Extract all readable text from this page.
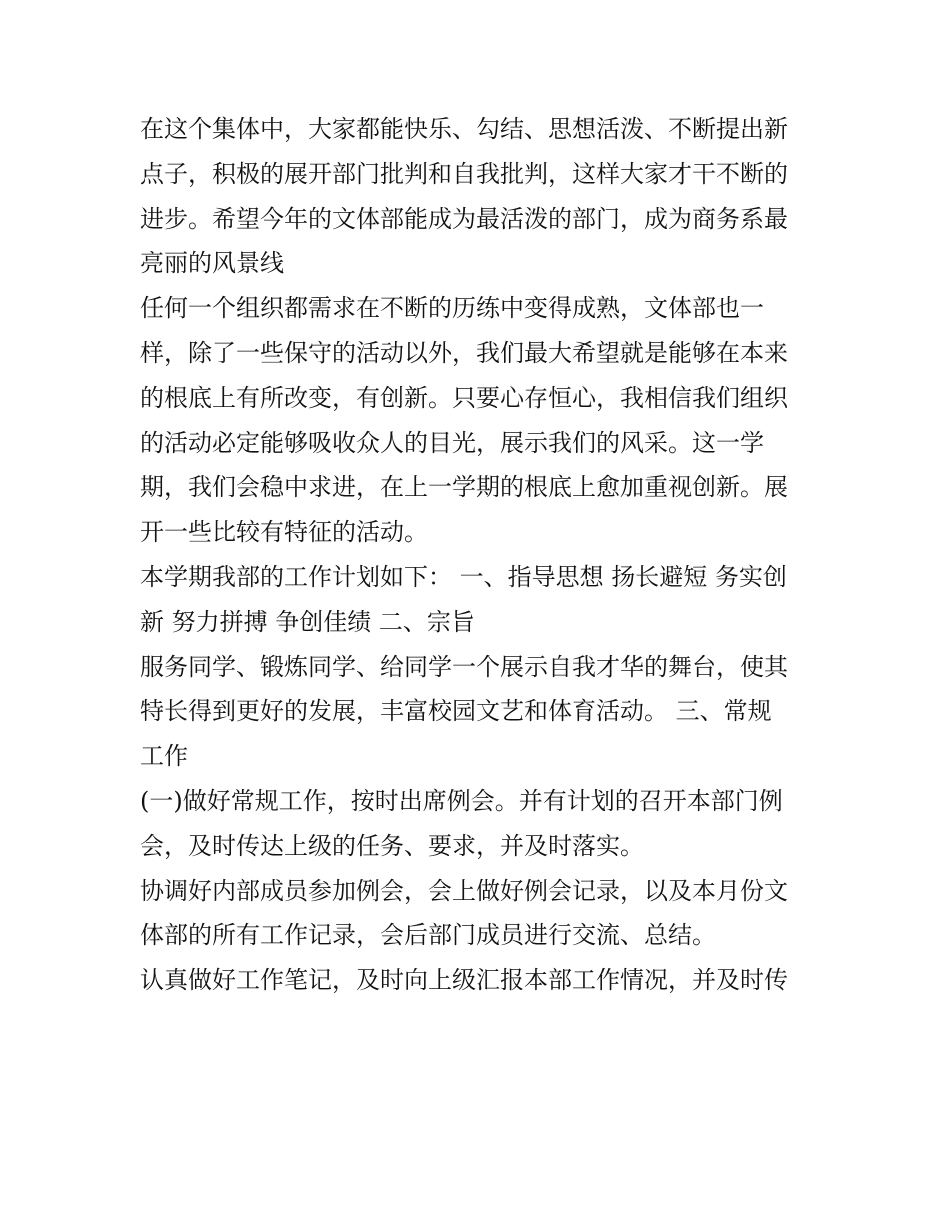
在这个集体中，大家都能快乐、勾结、思想活泼、不断提出新
点子，积极的展开部门批判和自我批判，这样大家才干不断的
进步。希望今年的文体部能成为最活泼的部门，成为商务系最
亮丽的风景线
任何一个组织都需求在不断的历练中变得成熟，文体部也一
样，除了一些保守的活动以外，我们最大希望就是能够在本来
的根底上有所改变，有创新。只要心存恒心，我相信我们组织
的活动必定能够吸收众人的目光，展示我们的风采。这一学
期，我们会稳中求进，在上一学期的根底上愈加重视创新。展
开一些比较有特征的活动。
本学期我部的工作计划如下： 一、指导思想 扬长避短 务实创
新 努力拼搏 争创佳绩 二、宗旨
服务同学、锻炼同学、给同学一个展示自我才华的舞台，使其
特长得到更好的发展，丰富校园文艺和体育活动。 三、常规
工作
(一)做好常规工作，按时出席例会。并有计划的召开本部门例
会，及时传达上级的任务、要求，并及时落实。
协调好内部成员参加例会，会上做好例会记录，以及本月份文
体部的所有工作记录，会后部门成员进行交流、总结。
认真做好工作笔记，及时向上级汇报本部工作情况，并及时传
